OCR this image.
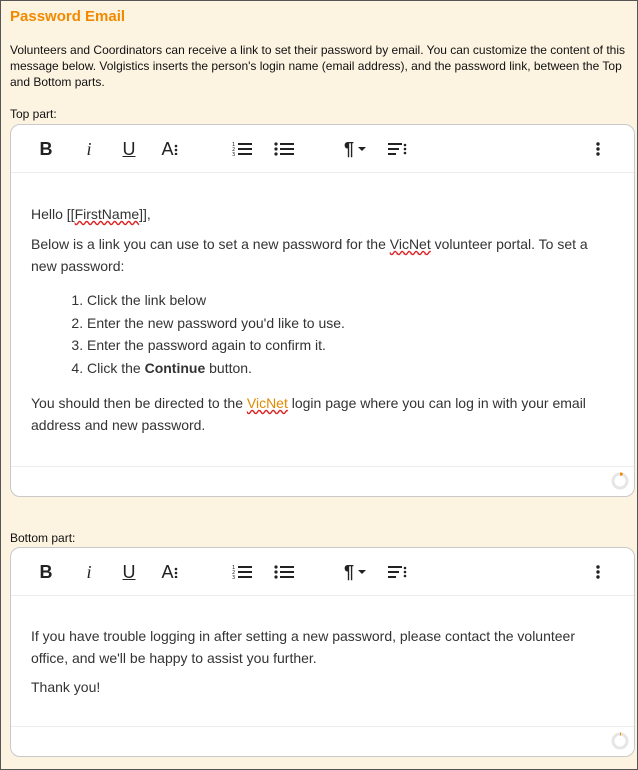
Password Email
Volunteers and Coordinators can receive a link to set their password by email. You can customize the content of this message below. Volgistics inserts the person's login name (email address), and the password link, between the Top and Bottom parts.
Top part:
B i U A	1
2
3	¶

Hello [[FirstName]],

Below is a link you can use to set a new password for the VicNet volunteer portal. To set a new password:

1. Click the link below
2. Enter the new password you'd like to use.
3. Enter the password again to confirm it.
4. Click the Continue button.

You should then be directed to the VicNet login page where you can log in with your email address and new password.

Bottom part:
B i U A	1
2
3	¶

If you have trouble logging in after setting a new password, please contact the volunteer office, and we'll be happy to assist you further.

Thank you!
